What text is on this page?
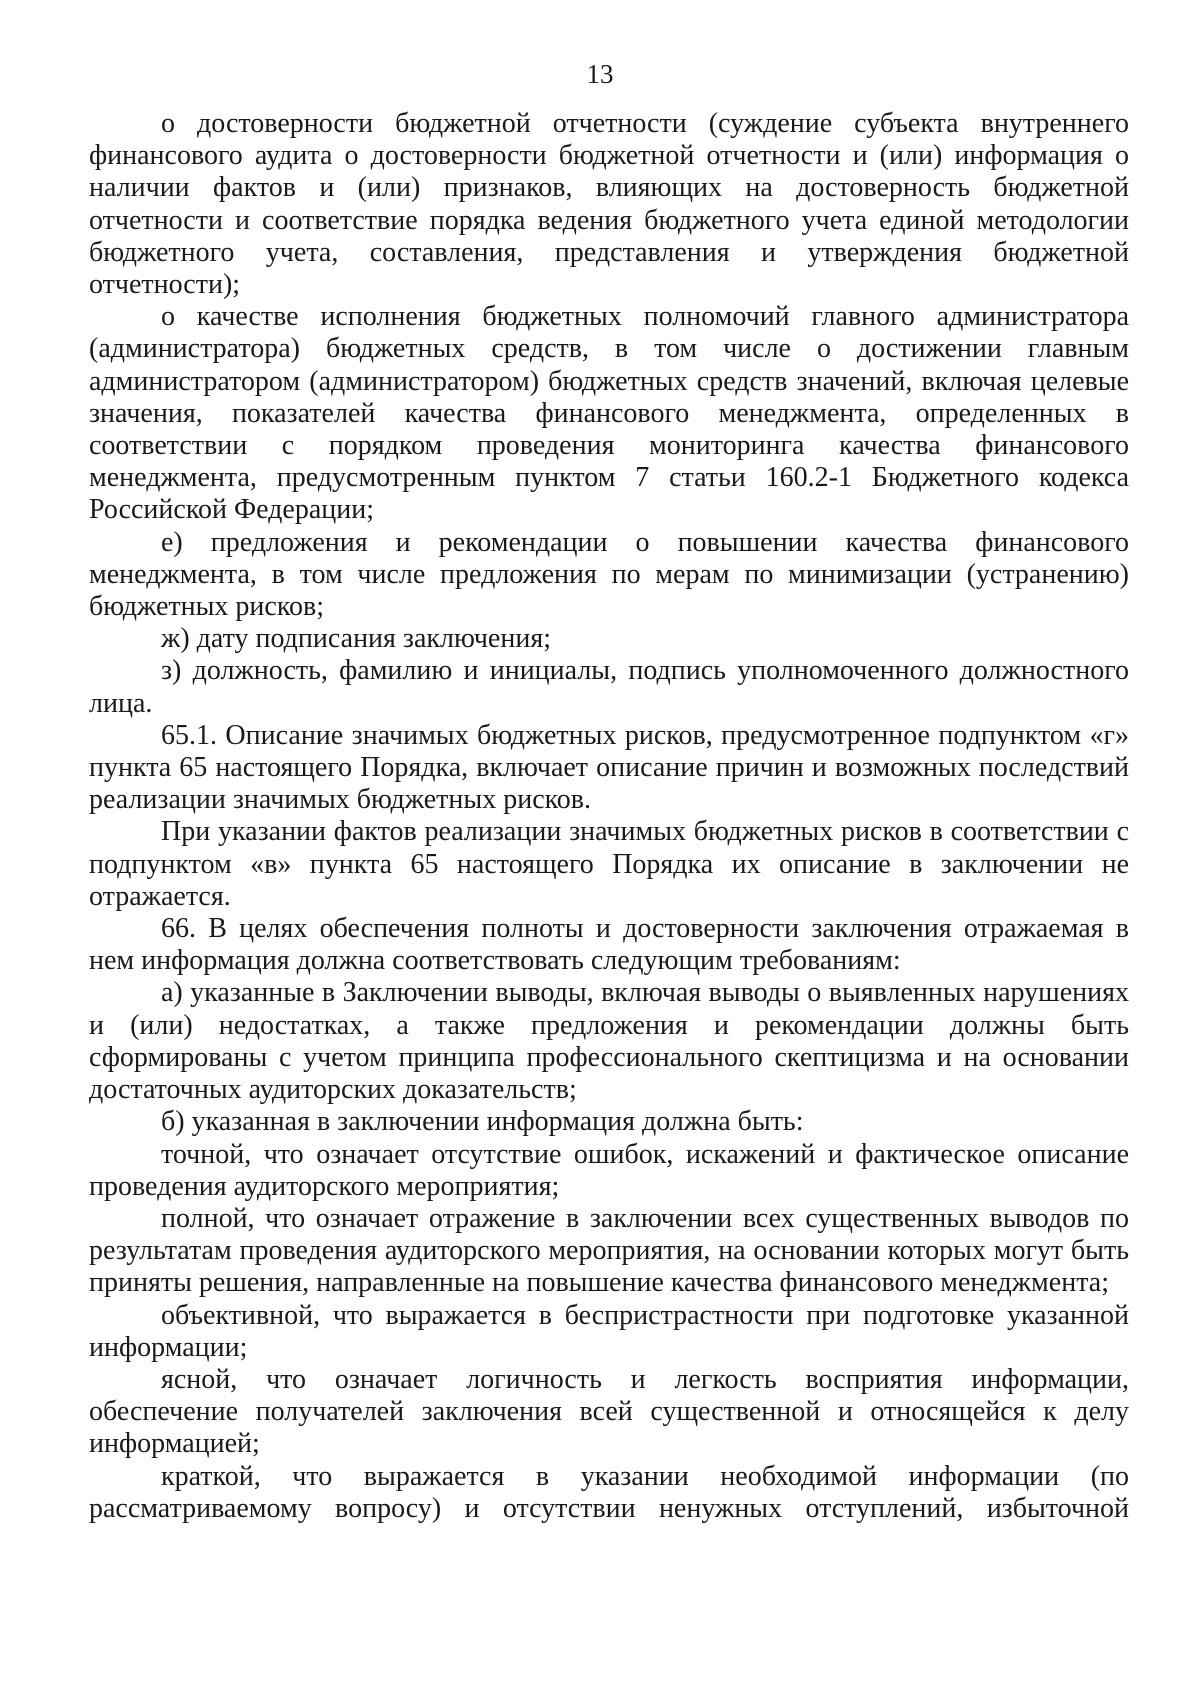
13

о достоверности бюджетной отчетности (суждение субъекта внутреннего финансового аудита о достоверности бюджетной отчетности и (или) информация о наличии фактов и (или) признаков, влияющих на достоверность бюджетной отчетности и соответствие порядка ведения бюджетного учета единой методологии бюджетного учета, составления, представления и утверждения бюджетной отчетности);

о качестве исполнения бюджетных полномочий главного администратора (администратора) бюджетных средств, в том числе о достижении главным администратором (администратором) бюджетных средств значений, включая целевые значения, показателей качества финансового менеджмента, определенных в соответствии с порядком проведения мониторинга качества финансового менеджмента, предусмотренным пунктом 7 статьи 160.2-1 Бюджетного кодекса Российской Федерации;

е) предложения и рекомендации о повышении качества финансового менеджмента, в том числе предложения по мерам по минимизации (устранению) бюджетных рисков;

ж) дату подписания заключения;

з) должность, фамилию и инициалы, подпись уполномоченного должностного лица.

65.1. Описание значимых бюджетных рисков, предусмотренное подпунктом «г» пункта 65 настоящего Порядка, включает описание причин и возможных последствий реализации значимых бюджетных рисков.

При указании фактов реализации значимых бюджетных рисков в соответствии с подпунктом «в» пункта 65 настоящего Порядка их описание в заключении не отражается.

66. В целях обеспечения полноты и достоверности заключения отражаемая в нем информация должна соответствовать следующим требованиям:

а) указанные в Заключении выводы, включая выводы о выявленных нарушениях и (или) недостатках, а также предложения и рекомендации должны быть сформированы с учетом принципа профессионального скептицизма и на основании достаточных аудиторских доказательств;

б) указанная в заключении информация должна быть:

точной, что означает отсутствие ошибок, искажений и фактическое описание проведения аудиторского мероприятия;

полной, что означает отражение в заключении всех существенных выводов по результатам проведения аудиторского мероприятия, на основании которых могут быть приняты решения, направленные на повышение качества финансового менеджмента;

объективной, что выражается в беспристрастности при подготовке указанной информации;

ясной, что означает логичность и легкость восприятия информации, обеспечение получателей заключения всей существенной и относящейся к делу информацией;

краткой, что выражается в указании необходимой информации (по рассматриваемому вопросу) и отсутствии ненужных отступлений, избыточной
